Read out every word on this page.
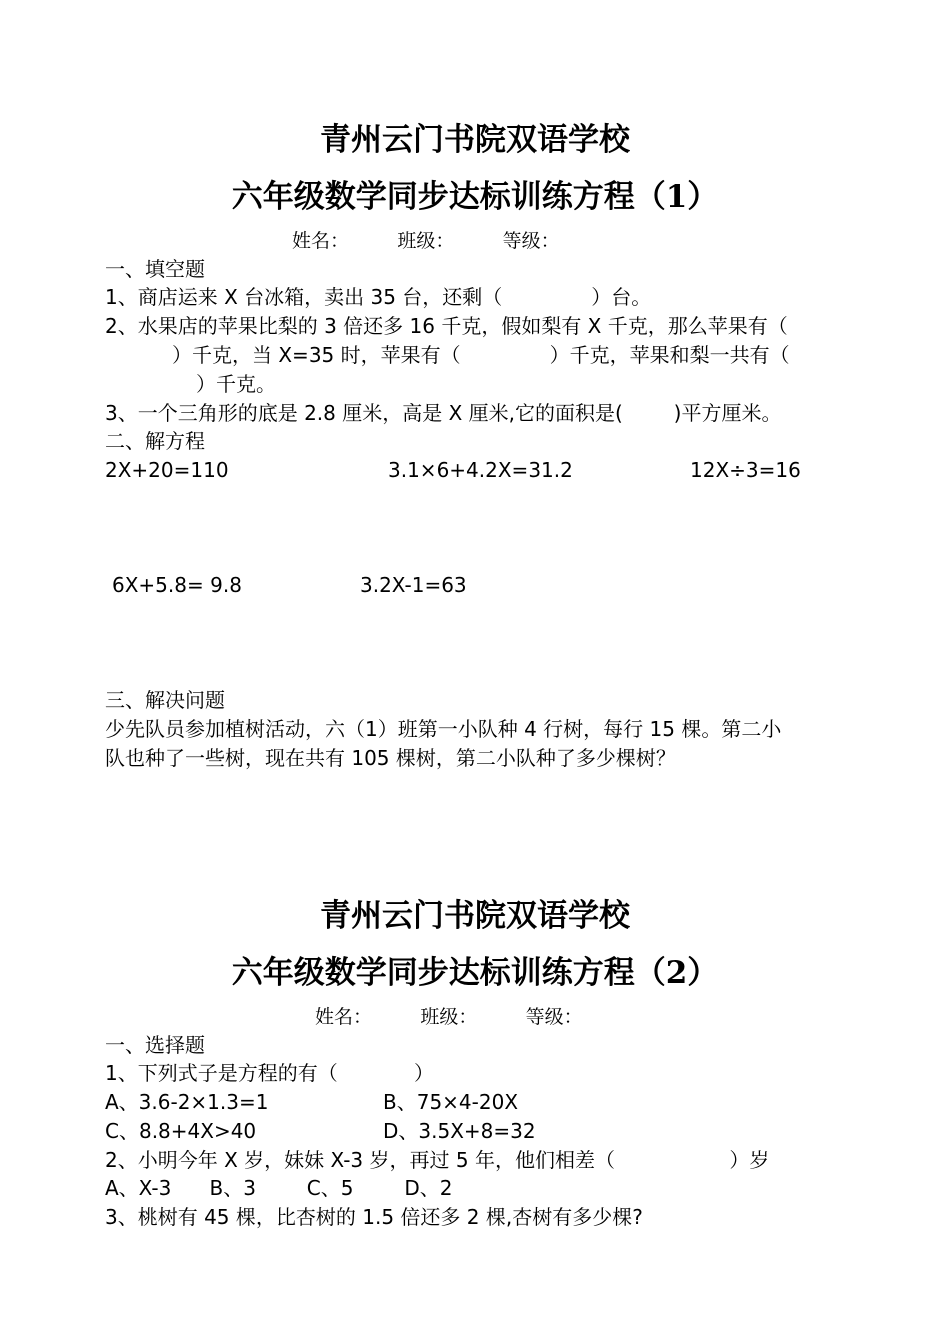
青州云门书院双语学校
六年级数学同步达标训练方程（1）
姓名：        班级：        等级：
一、填空题
1、商店运来 X 台冰箱，卖出 35 台，还剩（              ）台。
2、水果店的苹果比梨的 3 倍还多 16 千克，假如梨有 X 千克，那么苹果有（
）千克，当 X=35 时，苹果有（              ）千克，苹果和梨一共有（
）千克。
3、一个三角形的底是 2.8 厘米，高是 X 厘米,它的面积是(        )平方厘米。
二、解方程
2X+20=110	3.1×6+4.2X=31.2	12X÷3=16
6X+5.8= 9.8	3.2X-1=63
三、解决问题
少先队员参加植树活动，六（1）班第一小队种 4 行树，每行 15 棵。第二小
队也种了一些树，现在共有 105 棵树，第二小队种了多少棵树？
青州云门书院双语学校
六年级数学同步达标训练方程（2）
姓名：        班级：        等级：
一、选择题
1、下列式子是方程的有（            ）
A、3.6-2×1.3=1	B、75×4-20X
C、8.8+4X>40	D、3.5X+8=32
2、小明今年 X 岁，妹妹 X-3 岁，再过 5 年，他们相差（                  ）岁
A、X-3      B、3        C、5        D、2
3、桃树有 45 棵，比杏树的 1.5 倍还多 2 棵,杏树有多少棵?
